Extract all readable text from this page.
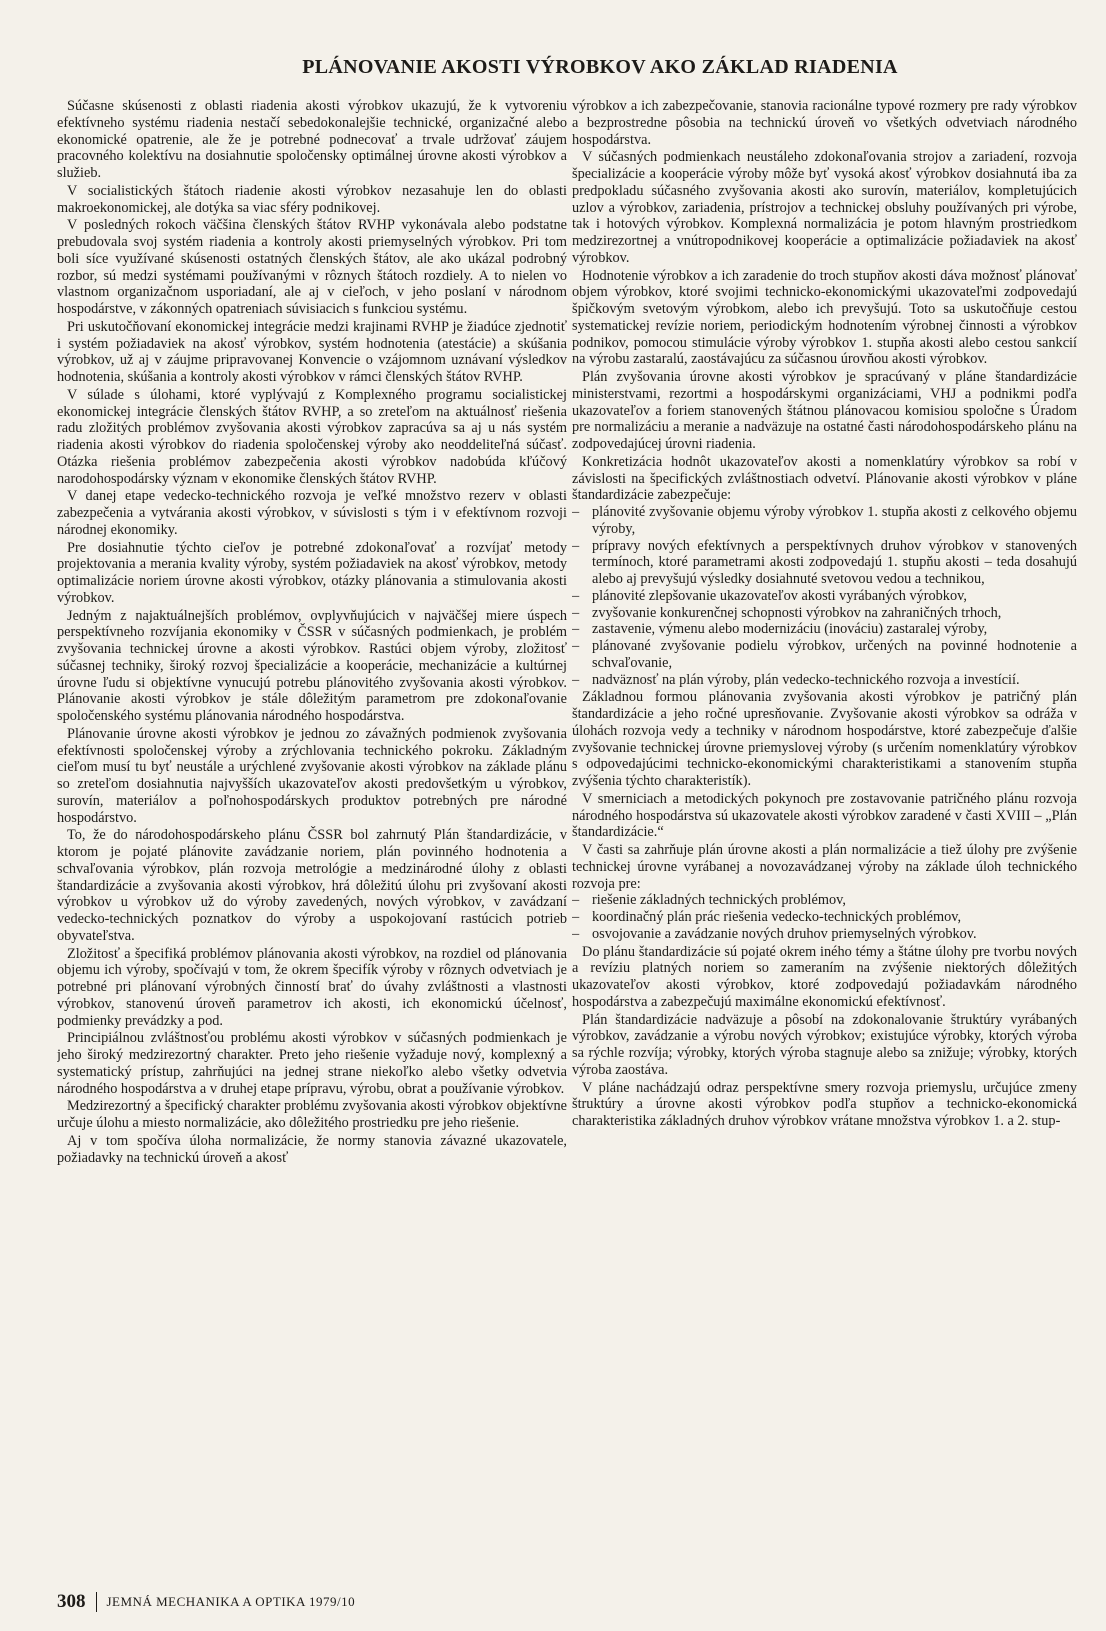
PLÁNOVANIE AKOSTI VÝROBKOV AKO ZÁKLAD RIADENIA

Súčasne skúsenosti z oblasti riadenia akosti výrobkov ukazujú, že k vytvoreniu efektívneho systému riadenia nestačí sebedokonalejšie technické, organizačné alebo ekonomické opatrenie, ale že je potrebné podnecovať a trvale udržovať záujem pracovného kolektívu na dosiahnutie spoločensky optimálnej úrovne akosti výrobkov a služieb.

V socialistických štátoch riadenie akosti výrobkov nezasahuje len do oblasti makroekonomickej, ale dotýka sa viac sféry podnikovej.

V posledných rokoch väčšina členských štátov RVHP vykonávala alebo podstatne prebudovala svoj systém riadenia a kontroly akosti priemyselných výrobkov. Pri tom boli síce využívané skúsenosti ostatných členských štátov, ale ako ukázal podrobný rozbor, sú medzi systémami používanými v rôznych štátoch rozdiely. A to nielen vo vlastnom organizačnom usporiadaní, ale aj v cieľoch, v jeho poslaní v národnom hospodárstve, v zákonných opatreniach súvisiacich s funkciou systému.

Pri uskutočňovaní ekonomickej integrácie medzi krajinami RVHP je žiadúce zjednotiť i systém požiadaviek na akosť výrobkov, systém hodnotenia (atestácie) a skúšania výrobkov, už aj v záujme pripravovanej Konvencie o vzájomnom uznávaní výsledkov hodnotenia, skúšania a kontroly akosti výrobkov v rámci členských štátov RVHP.

V súlade s úlohami, ktoré vyplývajú z Komplexného programu socialistickej ekonomickej integrácie členských štátov RVHP, a so zreteľom na aktuálnosť riešenia radu zložitých problémov zvyšovania akosti výrobkov zapracúva sa aj u nás systém riadenia akosti výrobkov do riadenia spoločenskej výroby ako neoddeliteľná súčasť. Otázka riešenia problémov zabezpečenia akosti výrobkov nadobúda kľúčový narodohospodársky význam v ekonomike členských štátov RVHP.

V danej etape vedecko-technického rozvoja je veľké množstvo rezerv v oblasti zabezpečenia a vytvárania akosti výrobkov, v súvislosti s tým i v efektívnom rozvoji národnej ekonomiky.

Pre dosiahnutie týchto cieľov je potrebné zdokonaľovať a rozvíjať metody projektovania a merania kvality výroby, systém požiadaviek na akosť výrobkov, metody optimalizácie noriem úrovne akosti výrobkov, otázky plánovania a stimulovania akosti výrobkov.

Jedným z najaktuálnejších problémov, ovplyvňujúcich v najväčšej miere úspech perspektívneho rozvíjania ekonomiky v ČSSR v súčasných podmienkach, je problém zvyšovania technickej úrovne a akosti výrobkov. Rastúci objem výroby, zložitosť súčasnej techniky, široký rozvoj špecializácie a kooperácie, mechanizácie a kultúrnej úrovne ľudu si objektívne vynucujú potrebu plánovitého zvyšovania akosti výrobkov. Plánovanie akosti výrobkov je stále dôležitým parametrom pre zdokonaľovanie spoločenského systému plánovania národného hospodárstva.

Plánovanie úrovne akosti výrobkov je jednou zo závažných podmienok zvyšovania efektívnosti spoločenskej výroby a zrýchlovania technického pokroku. Základným cieľom musí tu byť neustále a urýchlené zvyšovanie akosti výrobkov na základe plánu so zreteľom dosiahnutia najvyšších ukazovateľov akosti predovšetkým u výrobkov, surovín, materiálov a poľnohospodárskych produktov potrebných pre národné hospodárstvo.

To, že do národohospodárskeho plánu ČSSR bol zahrnutý Plán štandardizácie, v ktorom je pojaté plánovite zavádzanie noriem, plán povinného hodnotenia a schvaľovania výrobkov, plán rozvoja metrológie a medzinárodné úlohy z oblasti štandardizácie a zvyšovania akosti výrobkov, hrá dôležitú úlohu pri zvyšovaní akosti výrobkov u výrobkov už do výroby zavedených, nových výrobkov, v zavádzaní vedecko-technických poznatkov do výroby a uspokojovaní rastúcich potrieb obyvateľstva.

Zložitosť a špecifiká problémov plánovania akosti výrobkov, na rozdiel od plánovania objemu ich výroby, spočívajú v tom, že okrem špecifík výroby v rôznych odvetviach je potrebné pri plánovaní výrobných činností brať do úvahy zvláštnosti a vlastnosti výrobkov, stanovenú úroveň parametrov ich akosti, ich ekonomickú účelnosť, podmienky prevádzky a pod.

Principiálnou zvláštnosťou problému akosti výrobkov v súčasných podmienkach je jeho široký medzirezortný charakter. Preto jeho riešenie vyžaduje nový, komplexný a systematický prístup, zahrňujúci na jednej strane niekoľko alebo všetky odvetvia národného hospodárstva a v druhej etape prípravu, výrobu, obrat a používanie výrobkov.

Medzirezortný a špecifický charakter problému zvyšovania akosti výrobkov objektívne určuje úlohu a miesto normalizácie, ako dôležitého prostriedku pre jeho riešenie.

Aj v tom spočíva úloha normalizácie, že normy stanovia závazné ukazovatele, požiadavky na technickú úroveň a akosť

výrobkov a ich zabezpečovanie, stanovia racionálne typové rozmery pre rady výrobkov a bezprostredne pôsobia na technickú úroveň vo všetkých odvetviach národného hospodárstva.

V súčasných podmienkach neustáleho zdokonaľovania strojov a zariadení, rozvoja špecializácie a kooperácie výroby môže byť vysoká akosť výrobkov dosiahnutá iba za predpokladu súčasného zvyšovania akosti ako surovín, materiálov, kompletujúcich uzlov a výrobkov, zariadenia, prístrojov a technickej obsluhy používaných pri výrobe, tak i hotových výrobkov. Komplexná normalizácia je potom hlavným prostriedkom medzirezortnej a vnútropodnikovej kooperácie a optimalizácie požiadaviek na akosť výrobkov.

Hodnotenie výrobkov a ich zaradenie do troch stupňov akosti dáva možnosť plánovať objem výrobkov, ktoré svojimi technicko-ekonomickými ukazovateľmi zodpovedajú špičkovým svetovým výrobkom, alebo ich prevyšujú. Toto sa uskutočňuje cestou systematickej revízie noriem, periodickým hodnotením výrobnej činnosti a výrobkov podnikov, pomocou stimulácie výroby výrobkov 1. stupňa akosti alebo cestou sankcií na výrobu zastaralú, zaostávajúcu za súčasnou úrovňou akosti výrobkov.

Plán zvyšovania úrovne akosti výrobkov je spracúvaný v pláne štandardizácie ministerstvami, rezortmi a hospodárskymi organizáciami, VHJ a podnikmi podľa ukazovateľov a foriem stanovených štátnou plánovacou komisiou spoločne s Úradom pre normalizáciu a meranie a nadväzuje na ostatné časti národohospodárskeho plánu na zodpovedajúcej úrovni riadenia.

Konkretizácia hodnôt ukazovateľov akosti a nomenklatúry výrobkov sa robí v závislosti na špecifických zvláštnostiach odvetví. Plánovanie akosti výrobkov v pláne štandardizácie zabezpečuje:

– plánovité zvyšovanie objemu výroby výrobkov 1. stupňa akosti z celkového objemu výroby,

– prípravy nových efektívnych a perspektívnych druhov výrobkov v stanovených termínoch, ktoré parametrami akosti zodpovedajú 1. stupňu akosti – teda dosahujú alebo aj prevyšujú výsledky dosiahnuté svetovou vedou a technikou,

– plánovité zlepšovanie ukazovateľov akosti vyrábaných výrobkov,

– zvyšovanie konkurenčnej schopnosti výrobkov na zahraničných trhoch,

– zastavenie, výmenu alebo modernizáciu (inováciu) zastaralej výroby,

– plánované zvyšovanie podielu výrobkov, určených na povinné hodnotenie a schvaľovanie,

– nadväznosť na plán výroby, plán vedecko-technického rozvoja a investícií.

Základnou formou plánovania zvyšovania akosti výrobkov je patričný plán štandardizácie a jeho ročné upresňovanie. Zvyšovanie akosti výrobkov sa odráža v úlohách rozvoja vedy a techniky v národnom hospodárstve, ktoré zabezpečuje ďalšie zvyšovanie technickej úrovne priemyslovej výroby (s určením nomenklatúry výrobkov s odpovedajúcimi technicko-ekonomickými charakteristikami a stanovením stupňa zvýšenia týchto charakteristík).

V smerniciach a metodických pokynoch pre zostavovanie patričného plánu rozvoja národného hospodárstva sú ukazovatele akosti výrobkov zaradené v časti XVIII – „Plán štandardizácie.“

V časti sa zahrňuje plán úrovne akosti a plán normalizácie a tiež úlohy pre zvýšenie technickej úrovne vyrábanej a novozavádzanej výroby na základe úloh technického rozvoja pre:

– riešenie základných technických problémov,

– koordinačný plán prác riešenia vedecko-technických problémov,

– osvojovanie a zavádzanie nových druhov priemyselných výrobkov.

Do plánu štandardizácie sú pojaté okrem iného témy a štátne úlohy pre tvorbu nových a revíziu platných noriem so zameraním na zvýšenie niektorých dôležitých ukazovateľov akosti výrobkov, ktoré zodpovedajú požiadavkám národného hospodárstva a zabezpečujú maximálne ekonomickú efektívnosť.

Plán štandardizácie nadväzuje a pôsobí na zdokonalovanie štruktúry vyrábaných výrobkov, zavádzanie a výrobu nových výrobkov; existujúce výrobky, ktorých výroba sa rýchle rozvíja; výrobky, ktorých výroba stagnuje alebo sa znižuje; výrobky, ktorých výroba zaostáva.

V pláne nachádzajú odraz perspektívne smery rozvoja priemyslu, určujúce zmeny štruktúry a úrovne akosti výrobkov podľa stupňov a technicko-ekonomická charakteristika základných druhov výrobkov vrátane množstva výrobkov 1. a 2. stup-

308 JEMNÁ MECHANIKA A OPTIKA 1979/10
